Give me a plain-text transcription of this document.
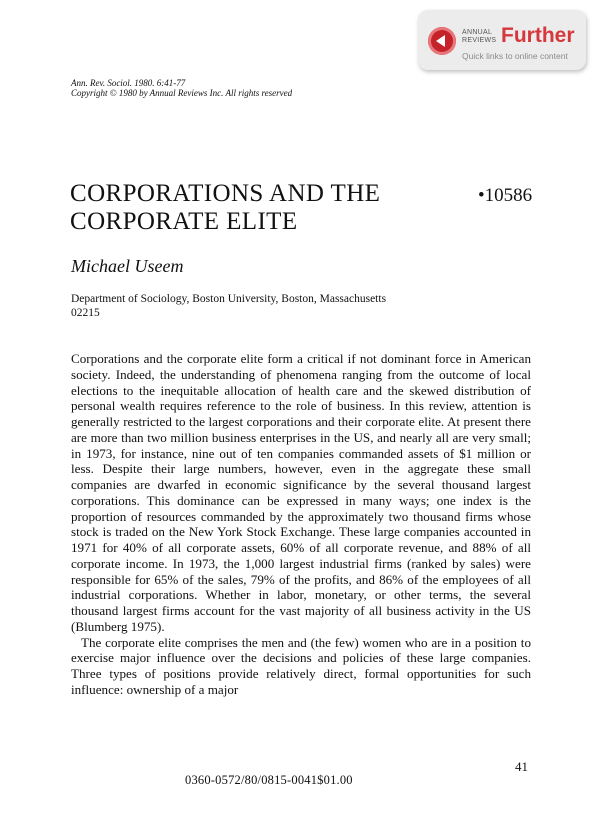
ANNUAL REVIEWS Further
Quick links to online content
Ann. Rev. Sociol. 1980. 6:41-77
Copyright © 1980 by Annual Reviews Inc. All rights reserved
CORPORATIONS AND THE
CORPORATE ELITE
•10586
Michael Useem
Department of Sociology, Boston University, Boston, Massachusetts
02215

Corporations and the corporate elite form a critical if not dominant force in American society. Indeed, the understanding of phenomena ranging from the outcome of local elections to the inequitable allocation of health care and the skewed distribution of personal wealth requires reference to the role of business. In this review, attention is generally restricted to the largest corporations and their corporate elite. At present there are more than two million business enterprises in the US, and nearly all are very small; in 1973, for instance, nine out of ten companies commanded assets of $1 million or less. Despite their large numbers, however, even in the aggregate these small companies are dwarfed in economic significance by the several thousand largest corporations. This dominance can be expressed in many ways; one index is the proportion of resources commanded by the approximately two thousand firms whose stock is traded on the New York Stock Exchange. These large companies accounted in 1971 for 40% of all corporate assets, 60% of all corporate revenue, and 88% of all corporate income. In 1973, the 1,000 largest industrial firms (ranked by sales) were responsible for 65% of the sales, 79% of the profits, and 86% of the employees of all industrial corporations. Whether in labor, monetary, or other terms, the several thousand largest firms account for the vast majority of all business activity in the US (Blumberg 1975).

The corporate elite comprises the men and (the few) women who are in a position to exercise major influence over the decisions and policies of these large companies. Three types of positions provide relatively direct, formal opportunities for such influence: ownership of a major

41
0360-0572/80/0815-0041$01.00
